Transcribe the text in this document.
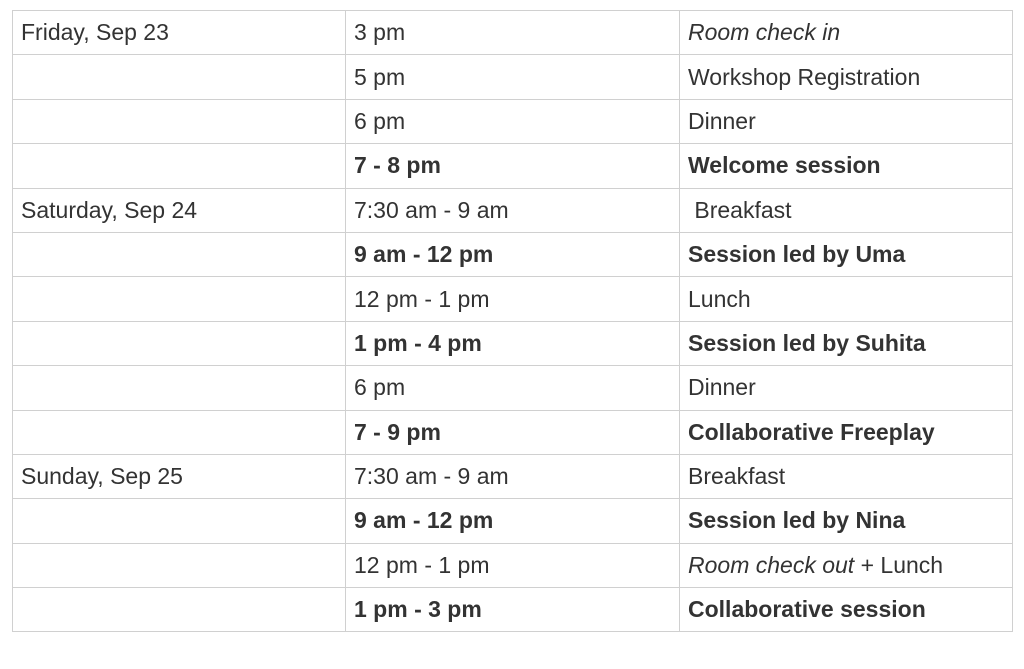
Friday, Sep 23	3 pm	Room check in
	5 pm	Workshop Registration
	6 pm	Dinner
	7 - 8 pm	Welcome session
Saturday, Sep 24	7:30 am - 9 am	Breakfast
	9 am - 12 pm	Session led by Uma
	12 pm - 1 pm	Lunch
	1 pm - 4 pm	Session led by Suhita
	6 pm	Dinner
	7 - 9 pm	Collaborative Freeplay
Sunday, Sep 25	7:30 am - 9 am	Breakfast
	9 am - 12 pm	Session led by Nina
	12 pm - 1 pm	Room check out + Lunch
	1 pm - 3 pm	Collaborative session
